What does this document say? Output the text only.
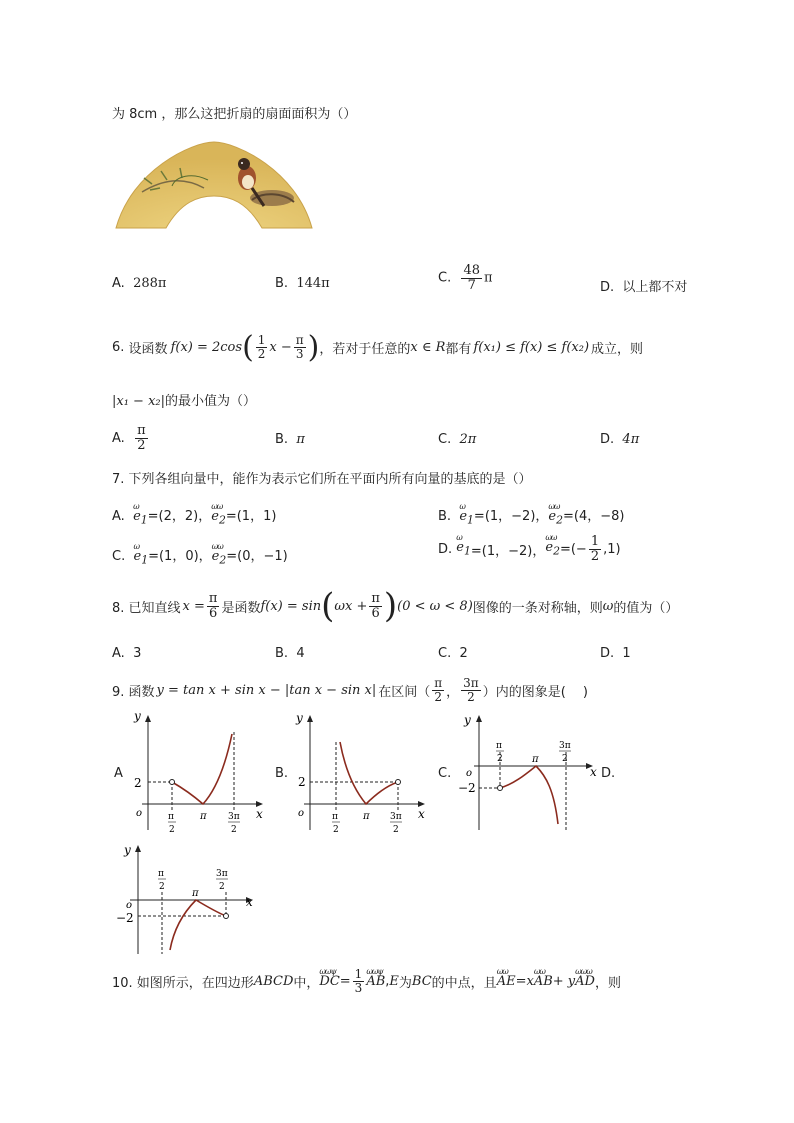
为 8cm ，那么这把折扇的扇面面积为（）
A. 288π	B. 144π	C. $\frac{48}{7}$ π
D. 以上都不对
6.
设函数 f(x) = 2cos ( $\frac{1}{2}$ $x - \frac{\pi}{3}$ ) ，若对于任意的 x ∈ R 都有 f(x₁) ≤ f(x) ≤ f(x₂) 成立，则
|x₁ − x₂|的最小值为（）
A.
$\frac{\pi}{2}$	B. π	C. 2π	D. 4π
7. 下列各组向量中，能作为表示它们所在平面内所有向量的基底的是（）
A.
ω
$e_1=(2$，2)，
ωω
$e_2=(1$，1)	B.
ω
$e_1=(1$，−2)，
ωω
$e_2=(4$，−8)
C.
ω
$e_1=(1$，0)，
ωω
$e_2=(0$，−1)	D.

ω
$e_1 =(1$，−2)，
ωω
$e_2$ =(− $\frac{1}{2} ,1$)
8. 已知直线 $x = \frac{\pi}{6}$ 是函数 f(x) = sin ( $\omega x + \frac{\pi}{6}$ ) (0 < ω < 8) 图像的一条对称轴，则 ω 的值为（）
A. 3	B. 4	C. 2	D. 1
9. 函数 y = tan x + sin x − |tan x − sin x| 在区间（ $\frac{\pi}{2}$ ， $\frac{3\pi}{2}$ ）内的图象是(　 )
A	B.	C.	D.
y
x
o
2
π
2
π 3π
2
y
x
o
2
π
2
π 3π
2
y
x
o
−2
π
2	π
3π
2
y
x
o
−2
π
2
π
3π
2
10. 如图所示，在四边形 ABCD 中，
ωωψ
DC = $\frac{1}{3}$ ωωψ
AB , E 为 BC 的中点，且
ωω
AE =x
ωω
AB + y
ωωω
AD ，则
